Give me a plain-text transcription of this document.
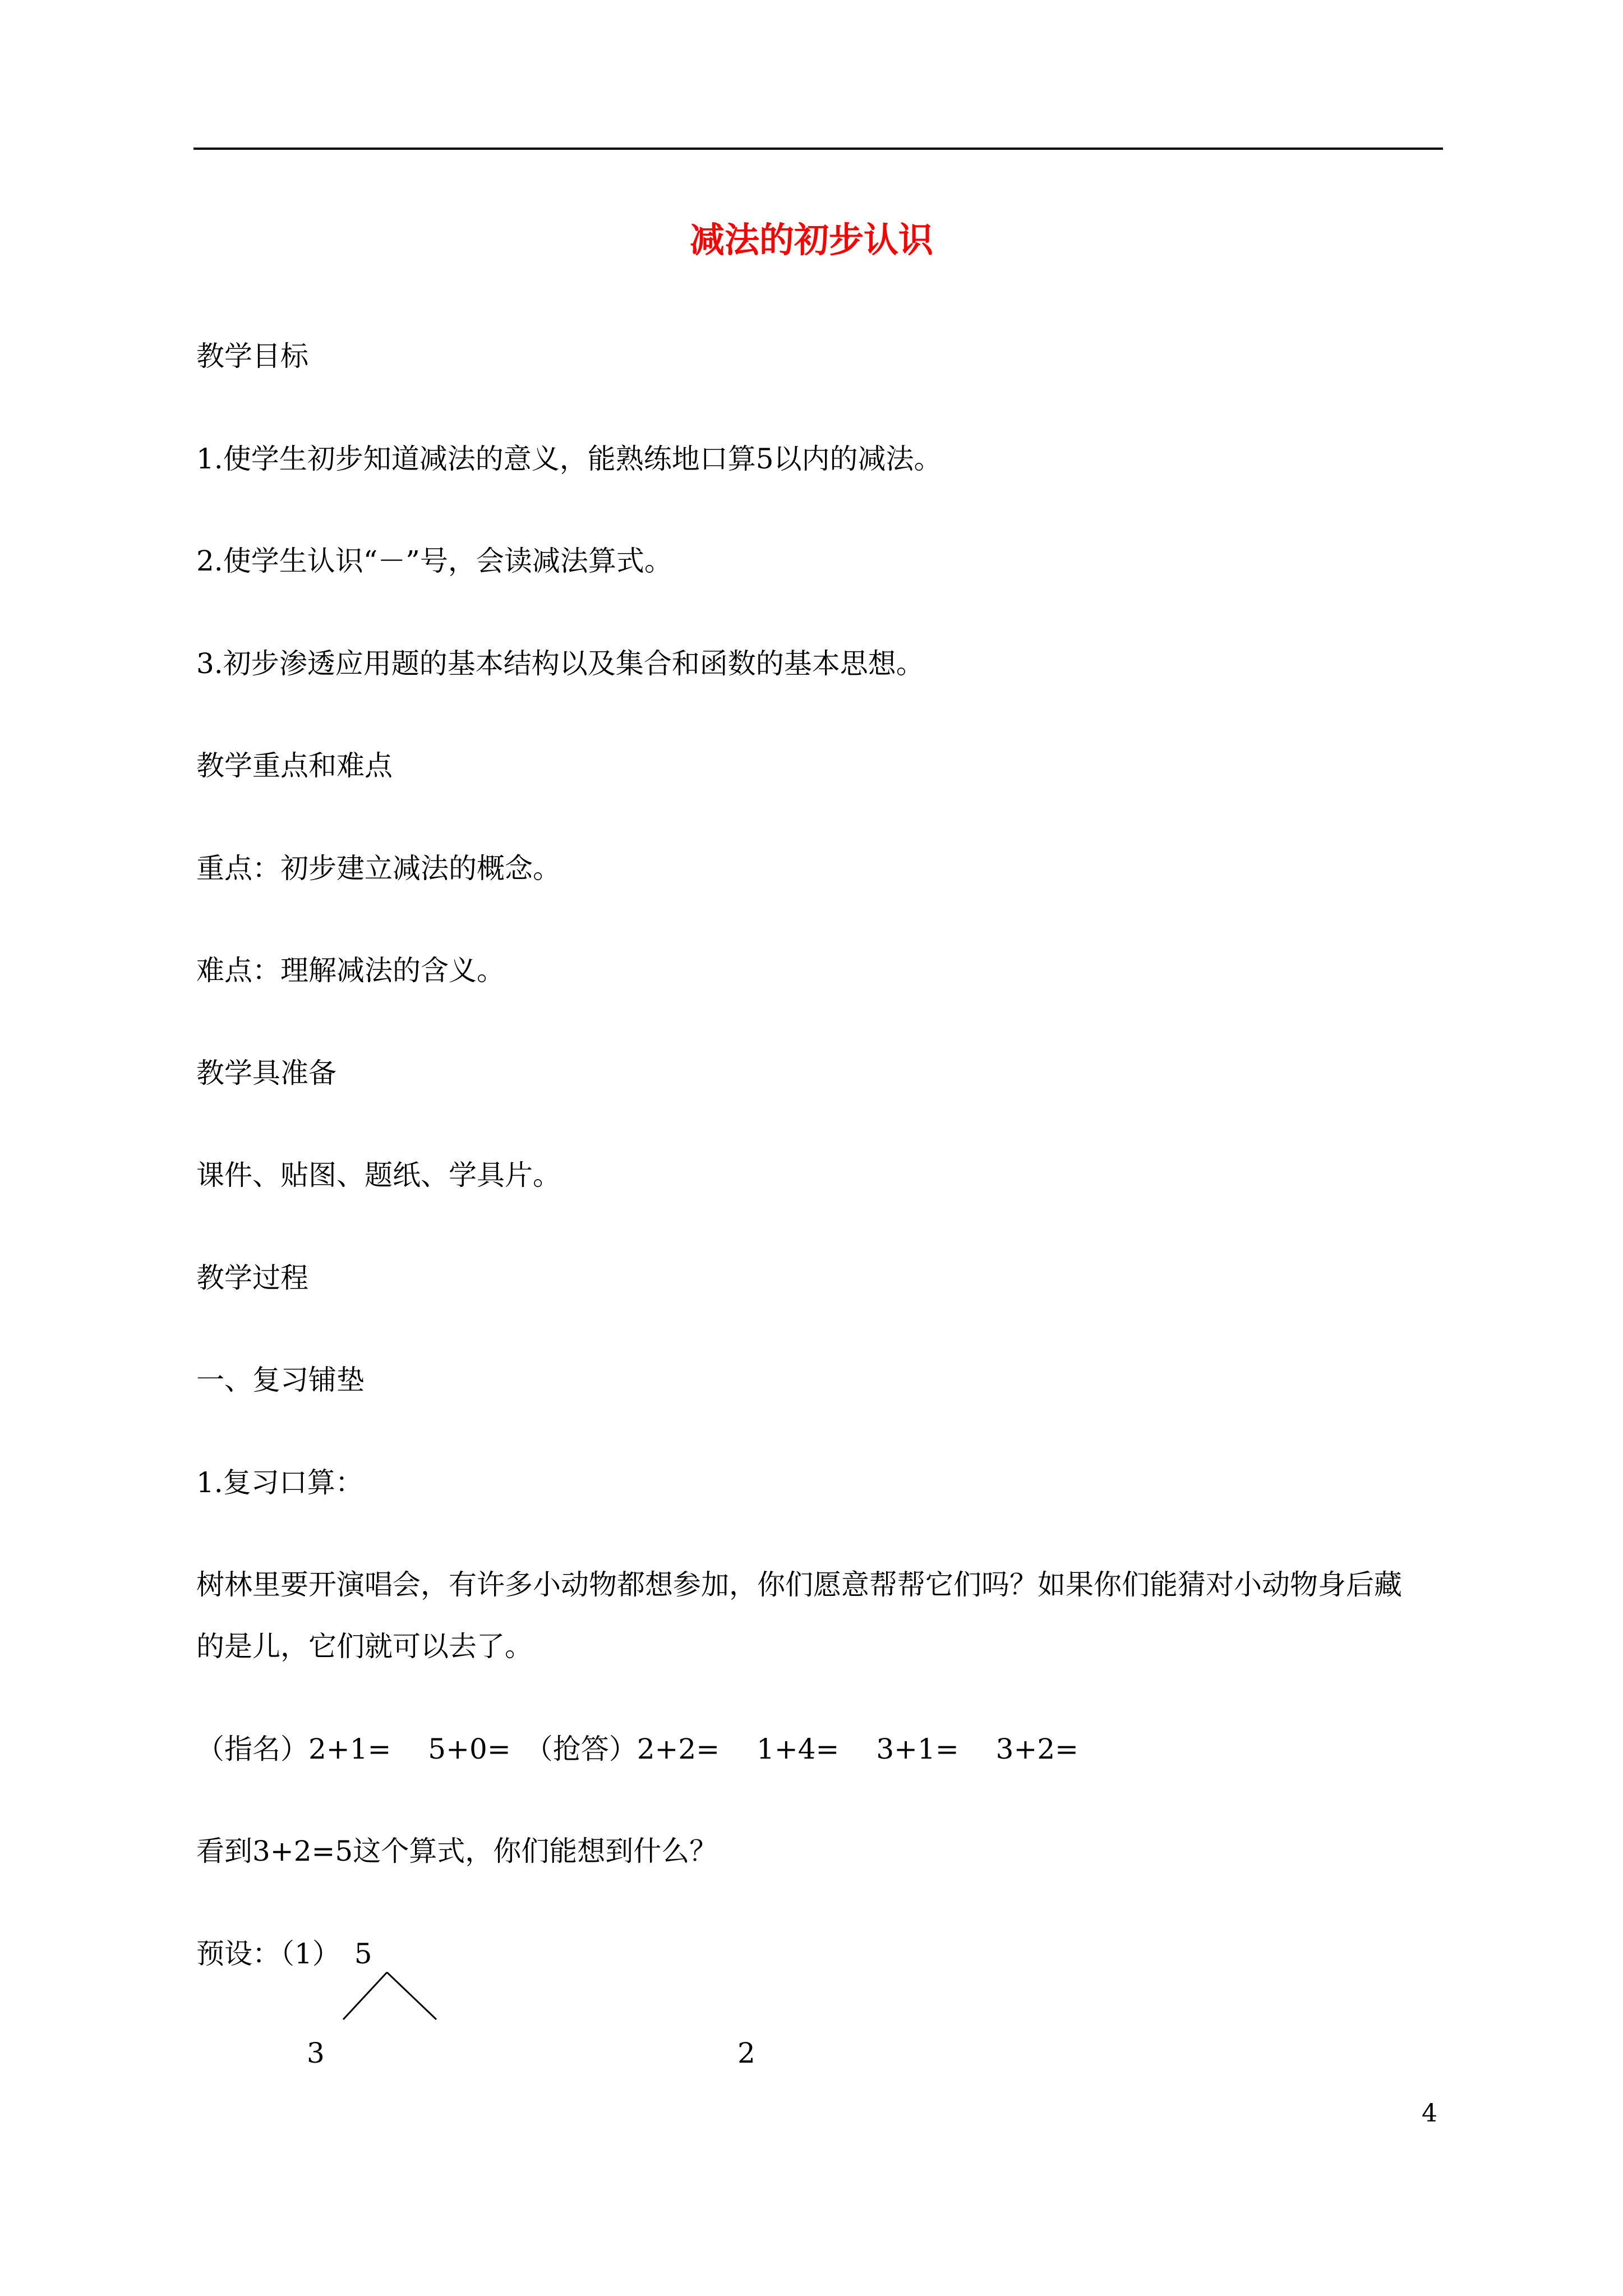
减法的初步认识
教学目标
1.使学生初步知道减法的意义，能熟练地口算5以内的减法。
2.使学生认识“－”号，会读减法算式。
3.初步渗透应用题的基本结构以及集合和函数的基本思想。
教学重点和难点
重点：初步建立减法的概念。
难点：理解减法的含义。
教学具准备
课件、贴图、题纸、学具片。
教学过程
一、复习铺垫
1.复习口算：
树林里要开演唱会，有许多小动物都想参加，你们愿意帮帮它们吗？如果你们能猜对小动物身后藏
的是儿，它们就可以去了。
（指名）2+1=　 5+0=　（抢答）2+2=　 1+4=　 3+1=　 3+2=
看到3+2=5这个算式，你们能想到什么？
预设：（1）　5
3	2
4
